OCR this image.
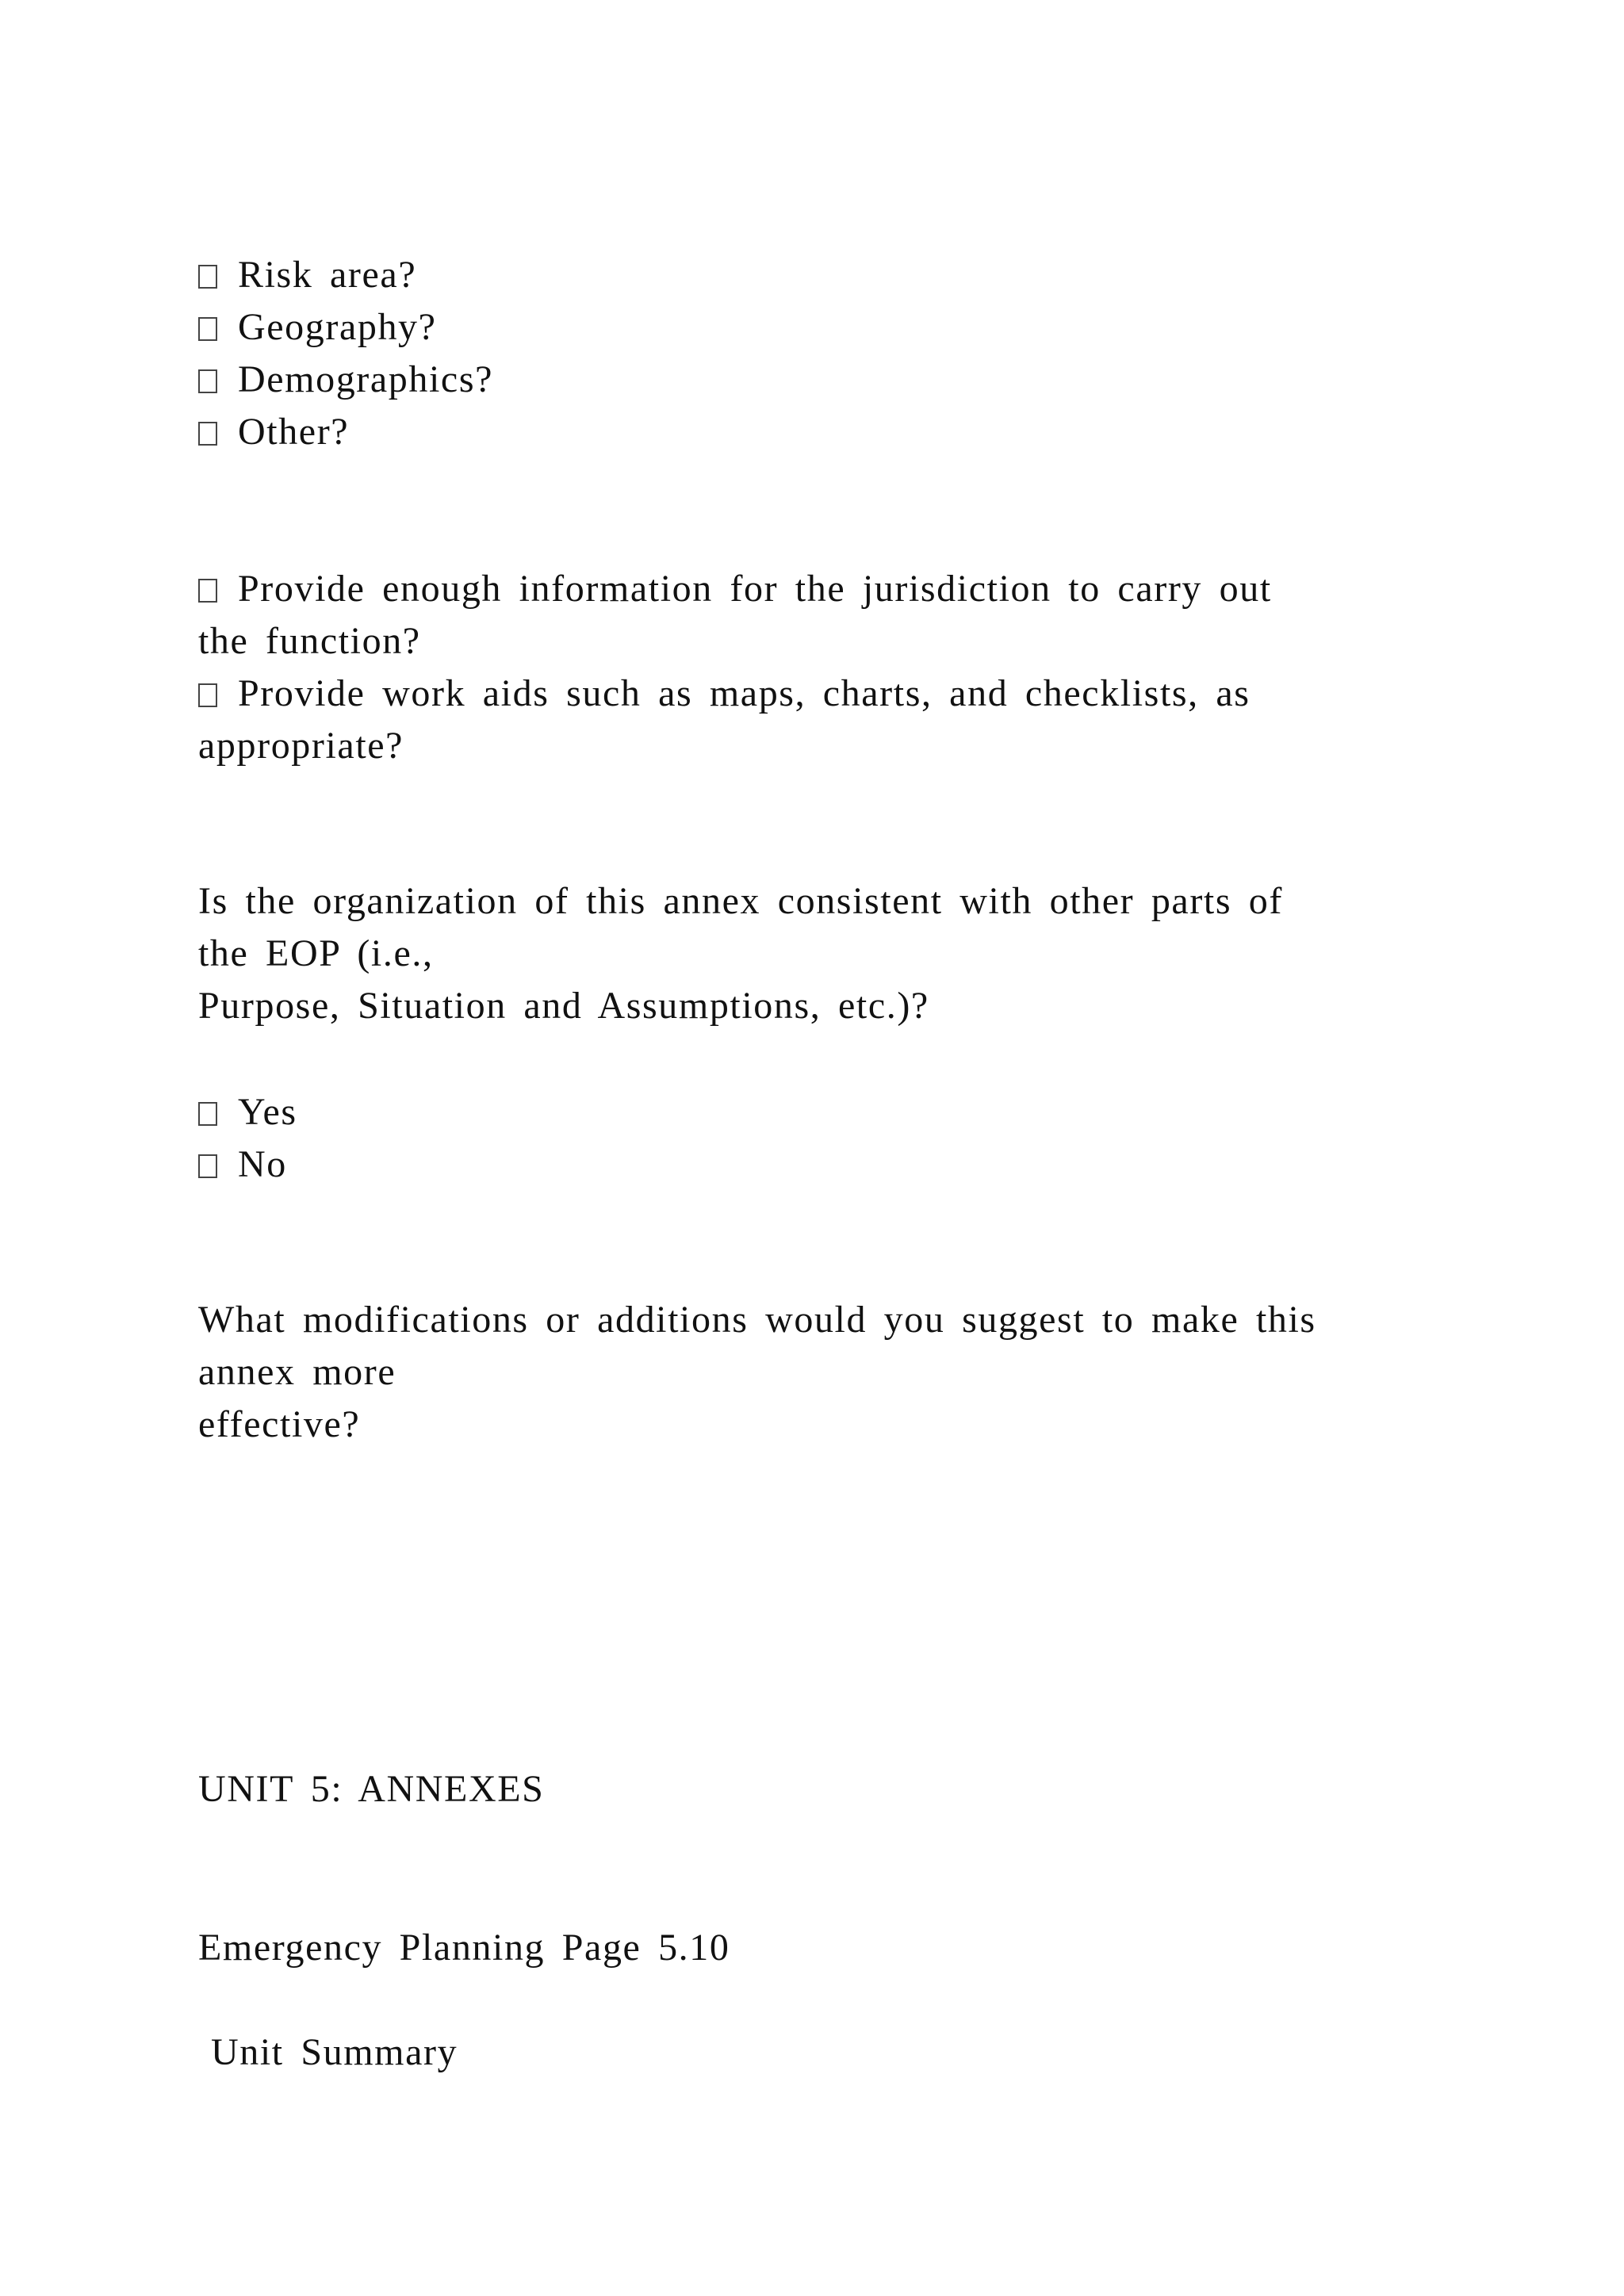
Risk area?
Geography?
Demographics?
Other?
Provide enough information for the jurisdiction to carry out
the function?
Provide work aids such as maps, charts, and checklists, as
appropriate?
Is the organization of this annex consistent with other parts of
the EOP (i.e.,
Purpose, Situation and Assumptions, etc.)?
Yes
No
What modifications or additions would you suggest to make this
annex more
effective?
UNIT 5: ANNEXES
Emergency Planning Page 5.10
Unit Summary
